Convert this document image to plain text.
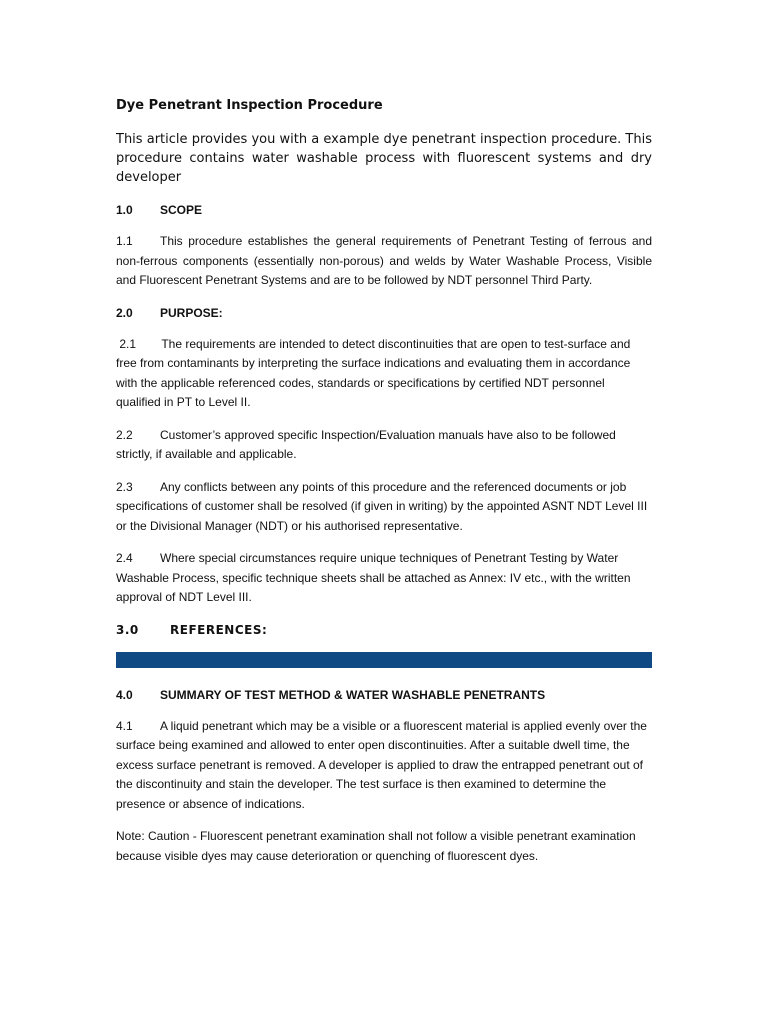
Dye Penetrant Inspection Procedure
This article provides you with a example dye penetrant inspection procedure. This procedure contains water washable process with fluorescent systems and dry developer
1.0	SCOPE
1.1 This procedure establishes the general requirements of Penetrant Testing of ferrous and non-ferrous components (essentially non-porous) and welds by Water Washable Process, Visible and Fluorescent Penetrant Systems and are to be followed by NDT personnel Third Party.
2.0	PURPOSE:
2.1 The requirements are intended to detect discontinuities that are open to test-surface and free from contaminants by interpreting the surface indications and evaluating them in accordance with the applicable referenced codes, standards or specifications by certified NDT personnel qualified in PT to Level II.
2.2 Customer’s approved specific Inspection/Evaluation manuals have also to be followed strictly, if available and applicable.
2.3 Any conflicts between any points of this procedure and the referenced documents or job specifications of customer shall be resolved (if given in writing) by the appointed ASNT NDT Level III or the Divisional Manager (NDT) or his authorised representative.
2.4 Where special circumstances require unique techniques of Penetrant Testing by Water Washable Process, specific technique sheets shall be attached as Annex: IV etc., with the written approval of NDT Level III.
3.0	REFERENCES:
4.0	SUMMARY OF TEST METHOD & WATER WASHABLE PENETRANTS
4.1 A liquid penetrant which may be a visible or a fluorescent material is applied evenly over the surface being examined and allowed to enter open discontinuities. After a suitable dwell time, the excess surface penetrant is removed. A developer is applied to draw the entrapped penetrant out of the discontinuity and stain the developer. The test surface is then examined to determine the presence or absence of indications.
Note: Caution - Fluorescent penetrant examination shall not follow a visible penetrant examination because visible dyes may cause deterioration or quenching of fluorescent dyes.
